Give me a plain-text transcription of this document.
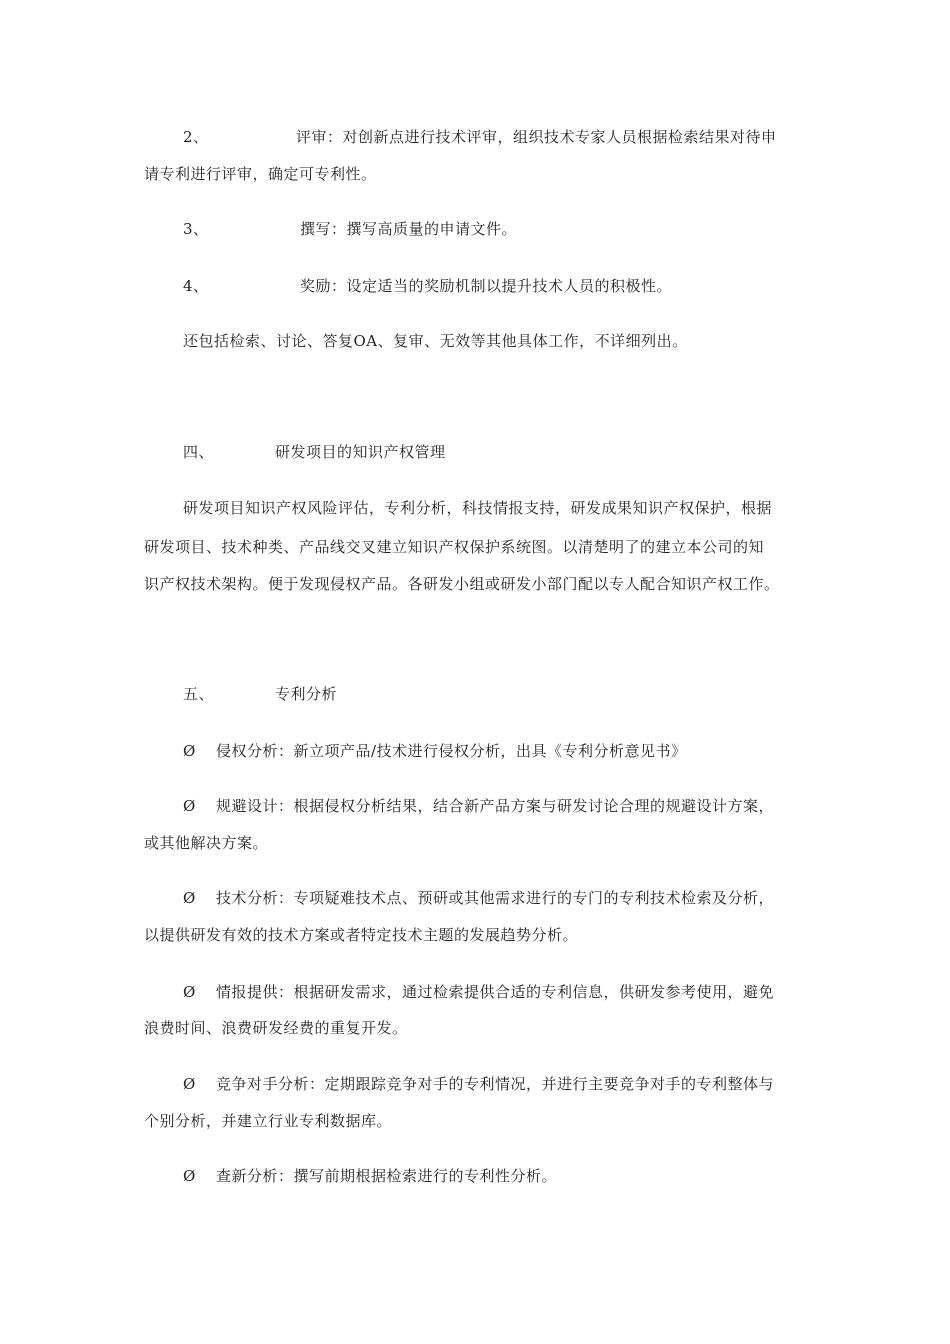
2、	评审：对创新点进行技术评审，组织技术专家人员根据检索结果对待申
请专利进行评审，确定可专利性。
3、	撰写：撰写高质量的申请文件。
4、	奖励：设定适当的奖励机制以提升技术人员的积极性。
还包括检索、讨论、答复OA、复审、无效等其他具体工作，不详细列出。
四、	研发项目的知识产权管理
研发项目知识产权风险评估，专利分析，科技情报支持，研发成果知识产权保护，根据
研发项目、技术种类、产品线交叉建立知识产权保护系统图。以清楚明了的建立本公司的知
识产权技术架构。便于发现侵权产品。各研发小组或研发小部门配以专人配合知识产权工作。
五、	专利分析
Ø 侵权分析：新立项产品/技术进行侵权分析，出具《专利分析意见书》
Ø 规避设计：根据侵权分析结果，结合新产品方案与研发讨论合理的规避设计方案，
或其他解决方案。
Ø 技术分析：专项疑难技术点、预研或其他需求进行的专门的专利技术检索及分析，
以提供研发有效的技术方案或者特定技术主题的发展趋势分析。
Ø 情报提供：根据研发需求，通过检索提供合适的专利信息，供研发参考使用，避免
浪费时间、浪费研发经费的重复开发。
Ø 竞争对手分析：定期跟踪竞争对手的专利情况，并进行主要竞争对手的专利整体与
个别分析，并建立行业专利数据库。
Ø 查新分析：撰写前期根据检索进行的专利性分析。
